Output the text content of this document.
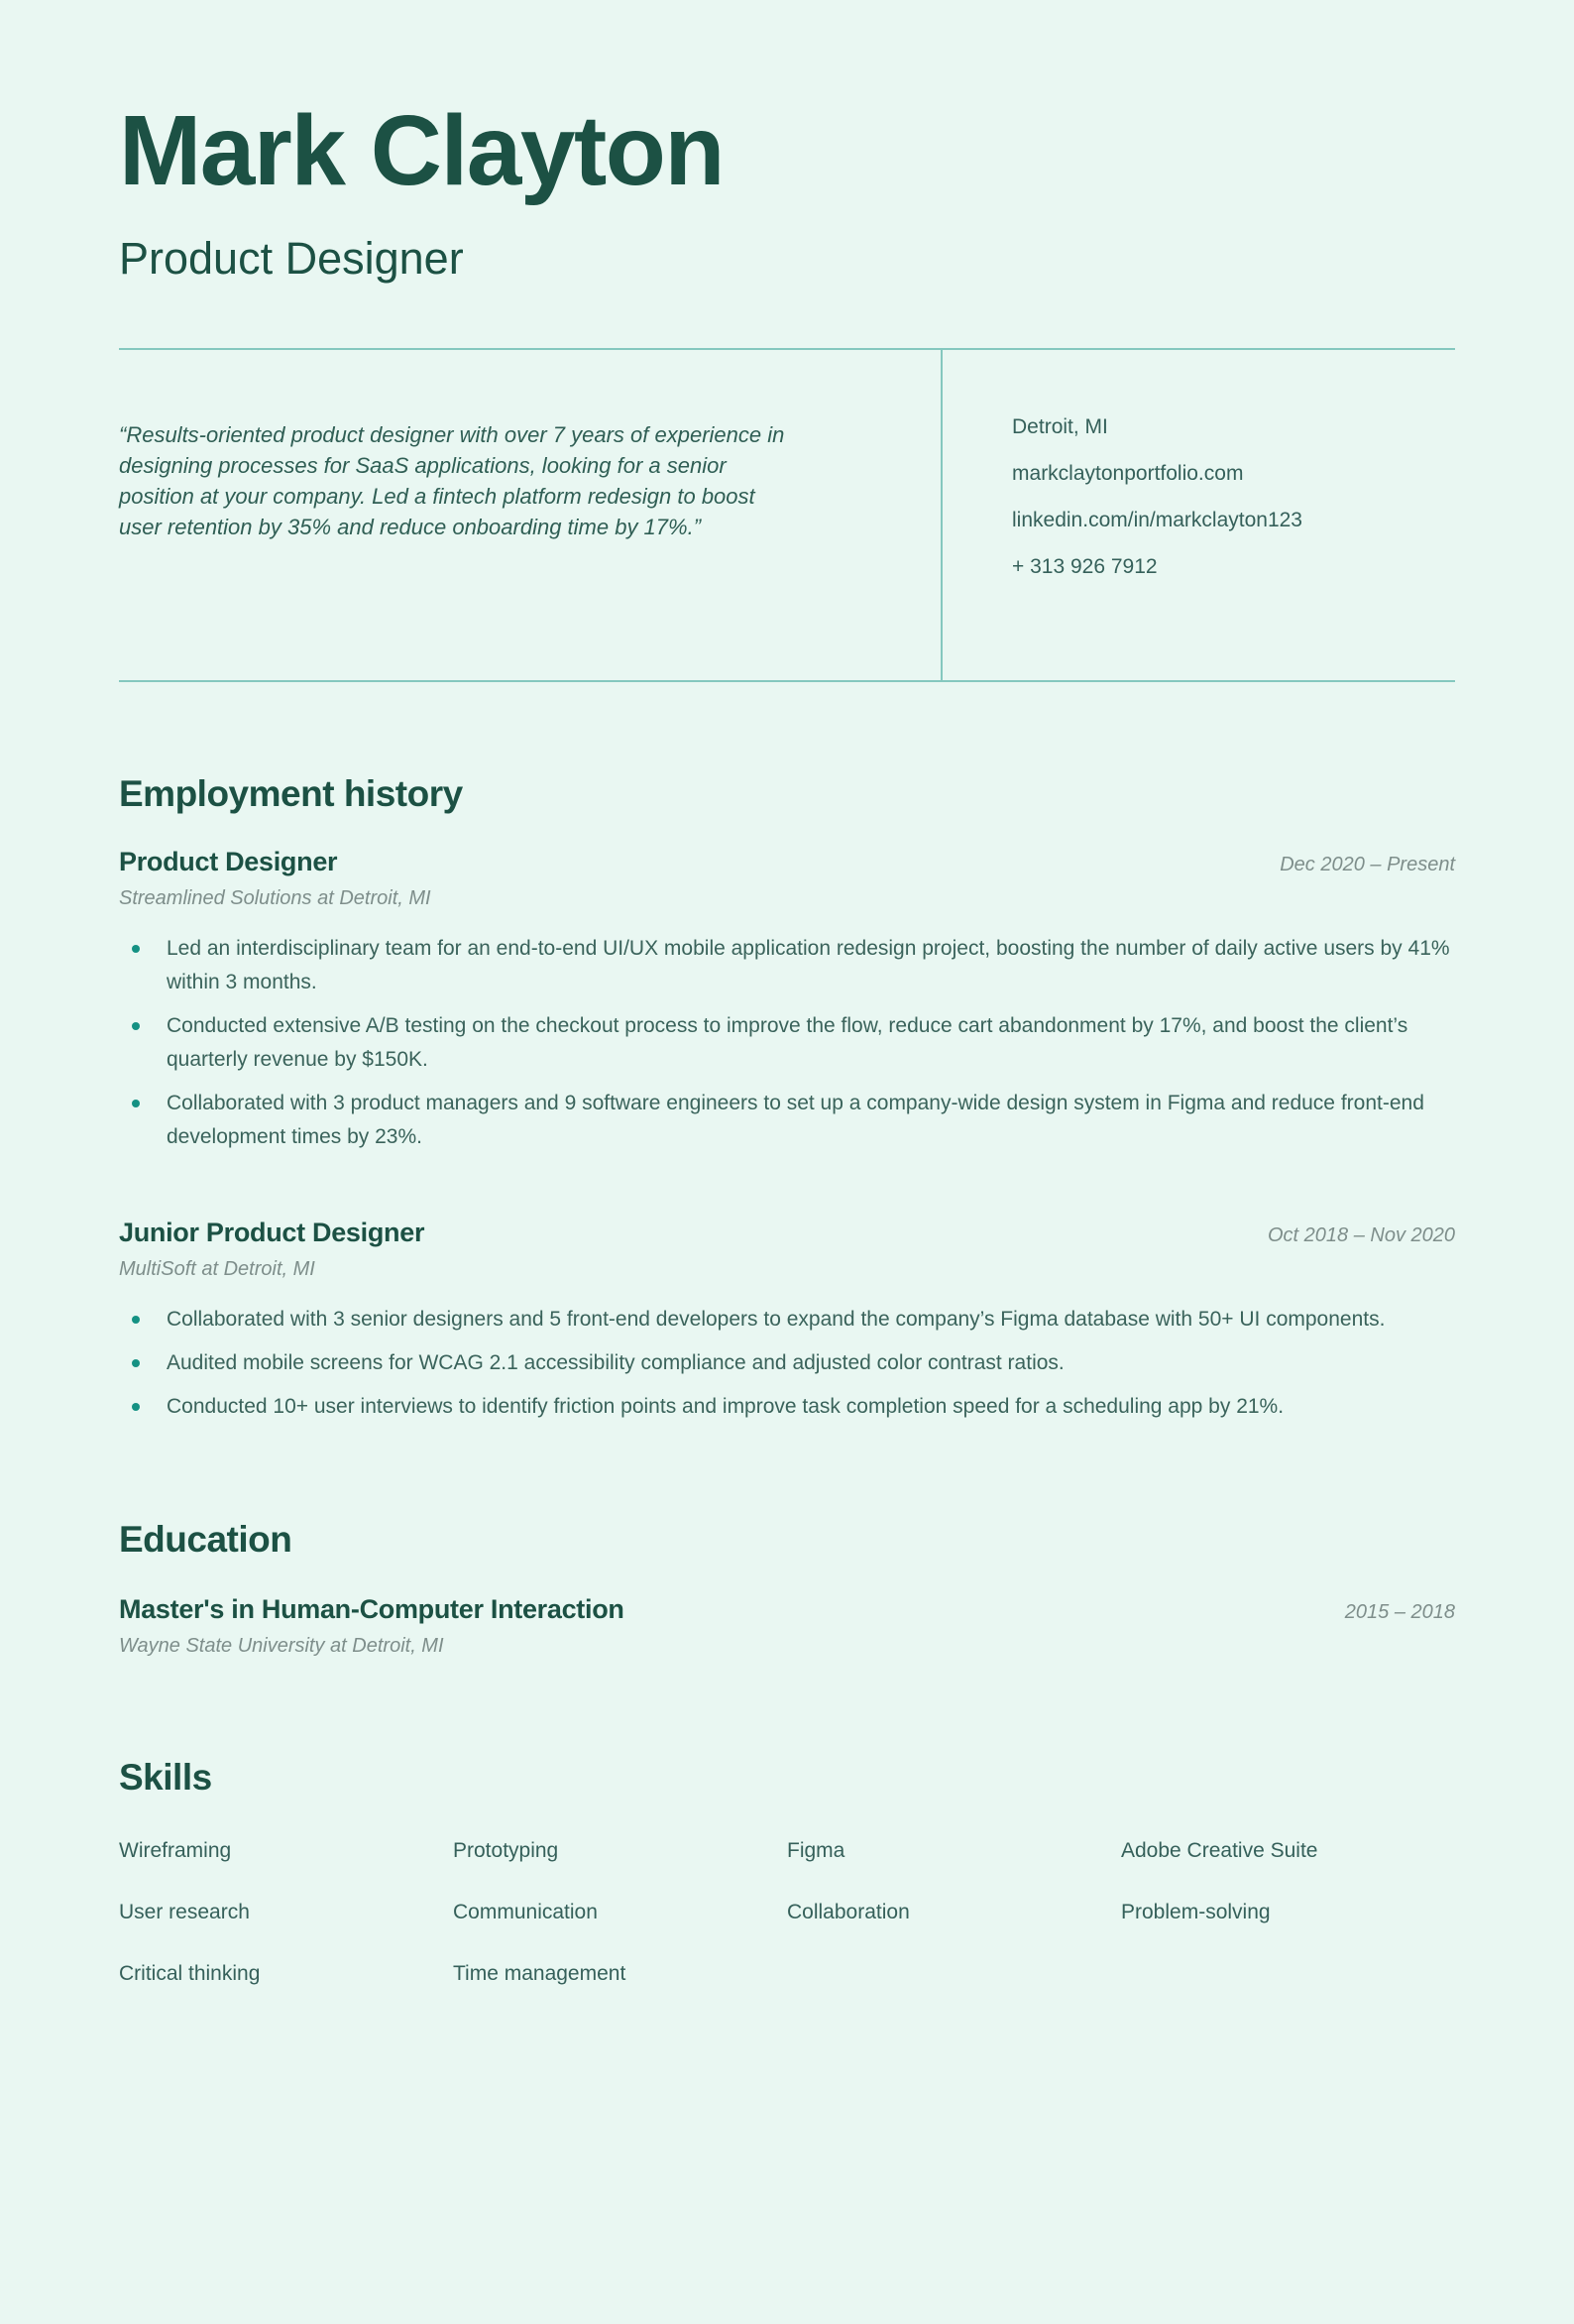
Mark Clayton
Product Designer

“Results-oriented product designer with over 7 years of experience in designing processes for SaaS applications, looking for a senior position at your company. Led a fintech platform redesign to boost user retention by 35% and reduce onboarding time by 17%.”

Detroit, MI
markclaytonportfolio.com
linkedin.com/in/markclayton123
+ 313 926 7912
Employment history
Product Designer	Dec 2020 – Present

Streamlined Solutions at Detroit, MI

Led an interdisciplinary team for an end-to-end UI/UX mobile application redesign project, boosting the number of daily active users by 41% within 3 months.
Conducted extensive A/B testing on the checkout process to improve the flow, reduce cart abandonment by 17%, and boost the client’s quarterly revenue by $150K.
Collaborated with 3 product managers and 9 software engineers to set up a company-wide design system in Figma and reduce front-end development times by 23%.
Junior Product Designer	Oct 2018 – Nov 2020

MultiSoft at Detroit, MI

Collaborated with 3 senior designers and 5 front-end developers to expand the company’s Figma database with 50+ UI components.
Audited mobile screens for WCAG 2.1 accessibility compliance and adjusted color contrast ratios.
Conducted 10+ user interviews to identify friction points and improve task completion speed for a scheduling app by 21%.
Education
Master's in Human-Computer Interaction	2015 – 2018

Wayne State University at Detroit, MI

Skills
Wireframing	Prototyping	Figma	Adobe Creative Suite
User research	Communication	Collaboration	Problem-solving
Critical thinking	Time management
